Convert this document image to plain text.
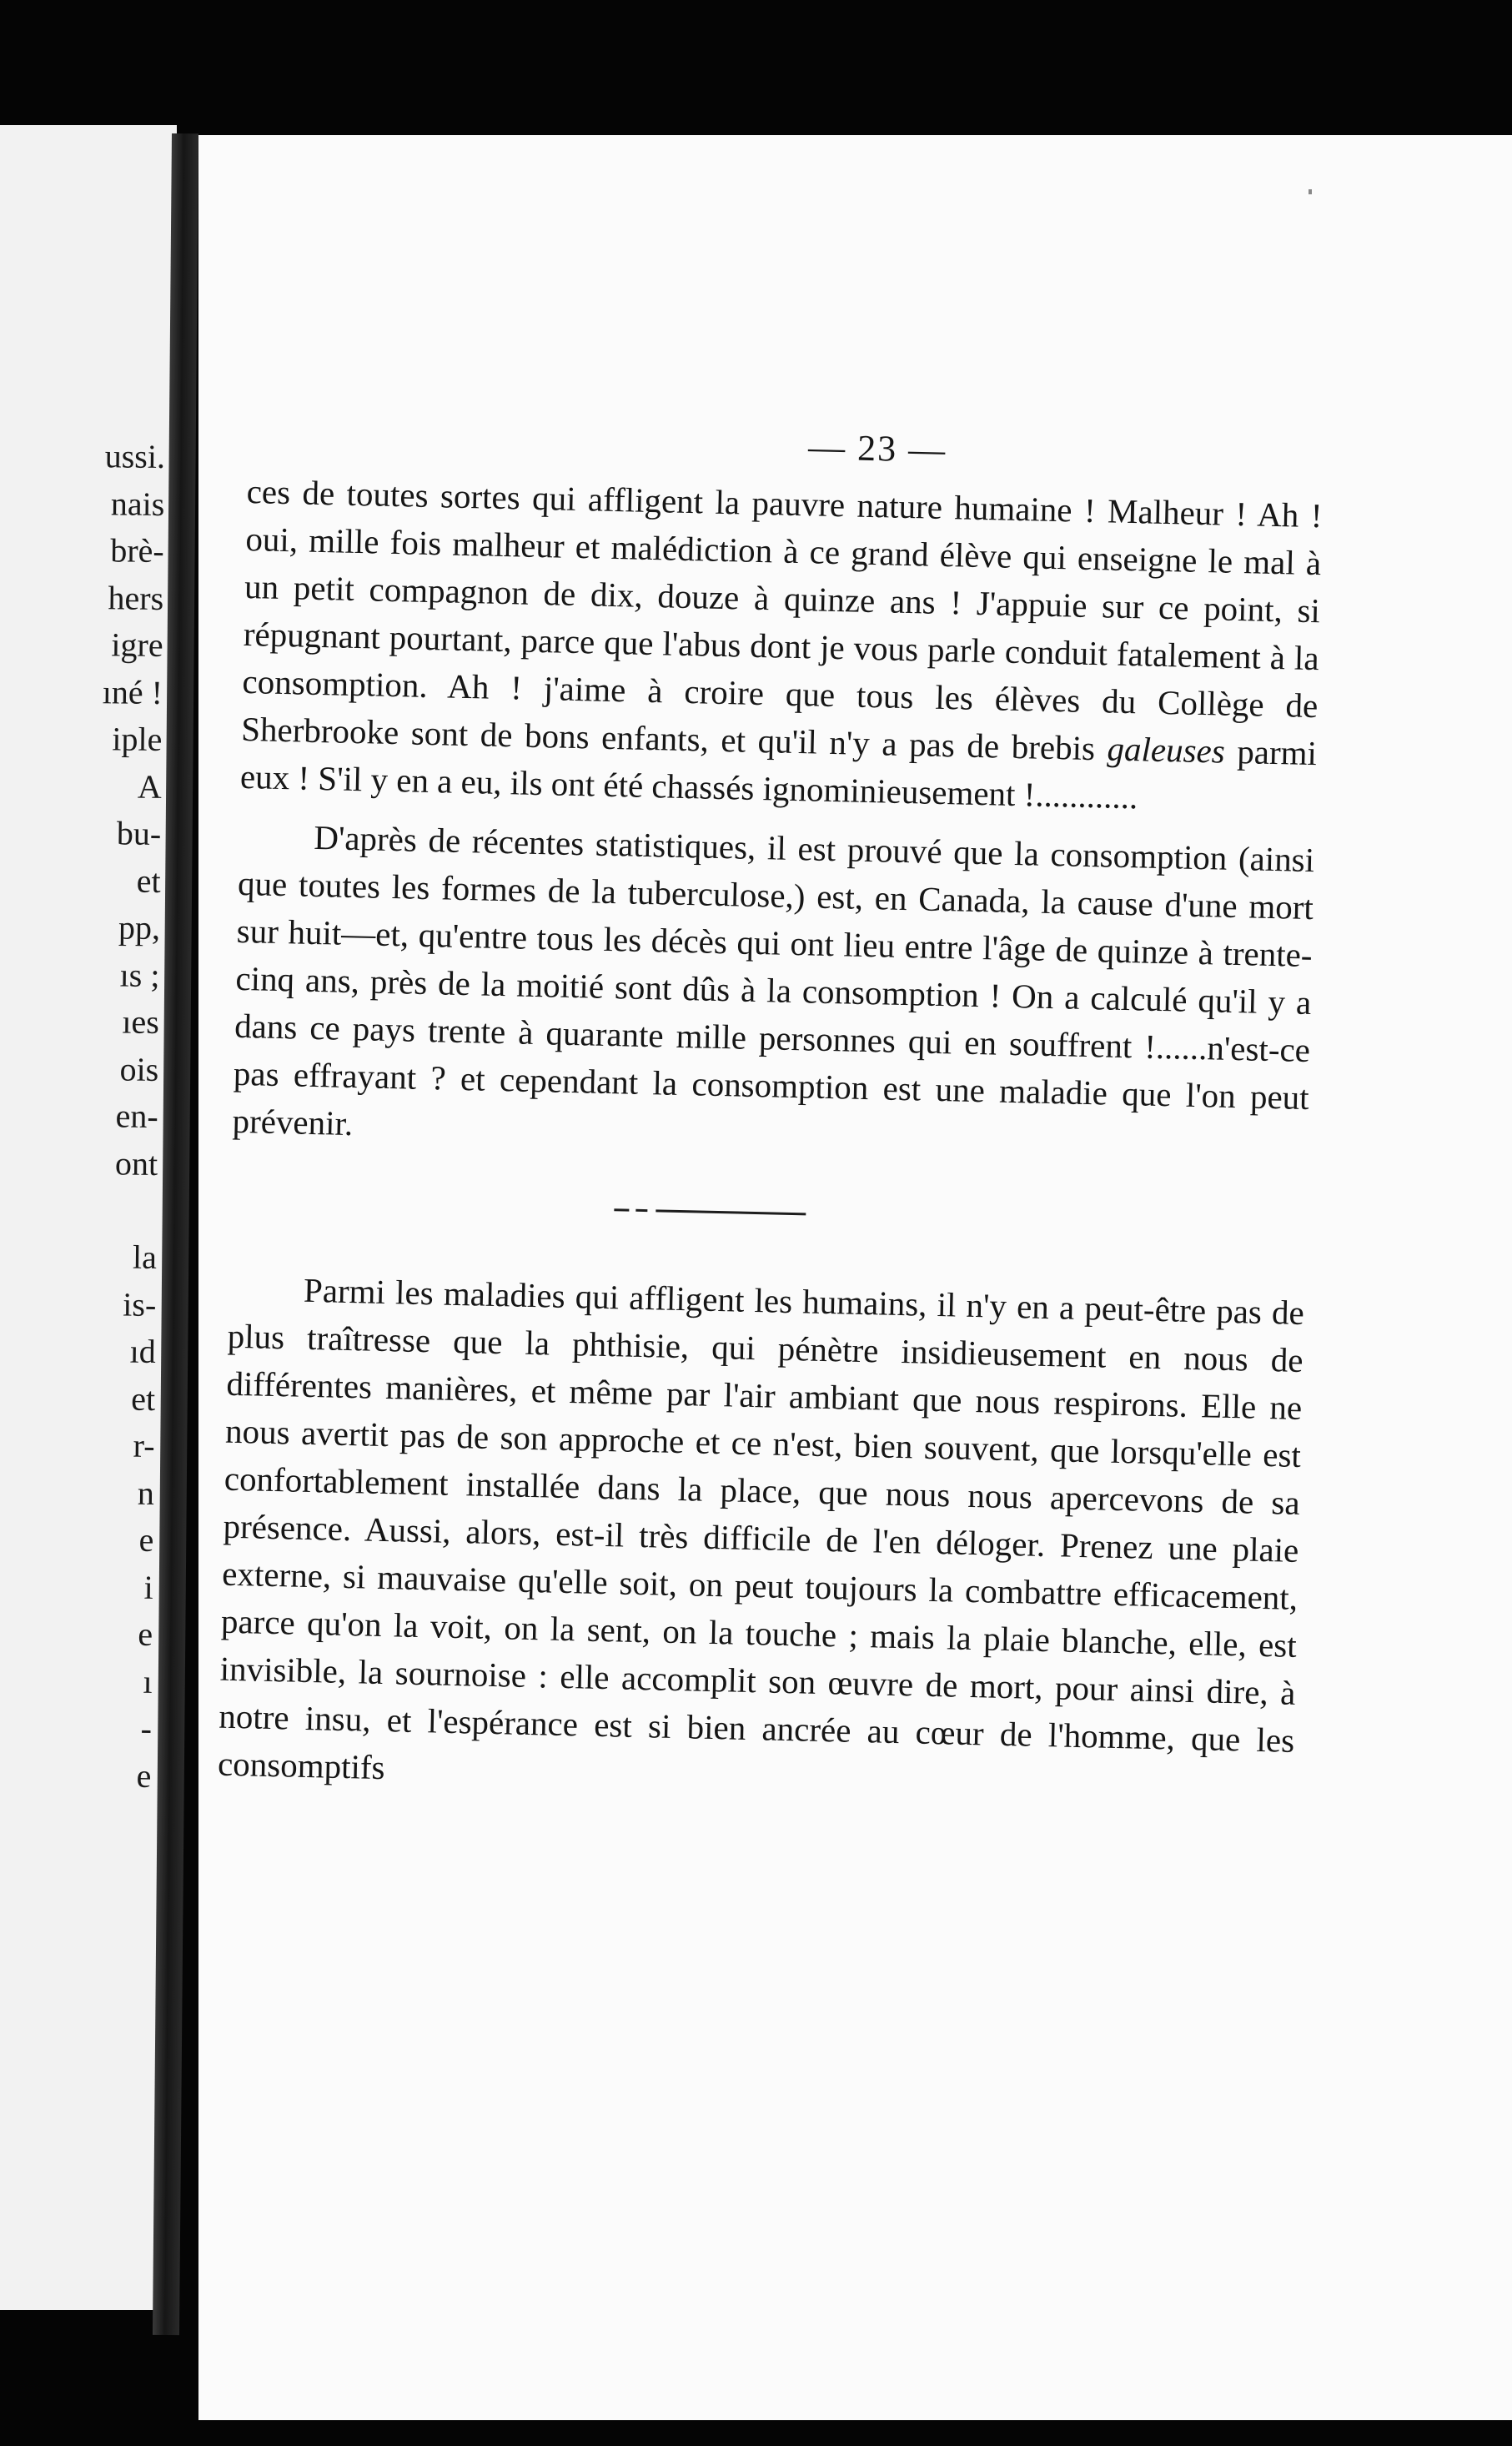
ussi.
nais
brè-
hers
igre
ıné !
iple
A
bu-
et
pp,
ıs ;
ıes
ois
en-
ont
la
is-
ıd
et
r-
n
e
i
e
ı
-
e
— 23 —

ces de toutes sortes qui affligent la pauvre nature humaine ! Malheur ! Ah ! oui, mille fois malheur et malédiction à ce grand élève qui enseigne le mal à un petit compagnon de dix, douze à quinze ans ! J'appuie sur ce point, si répugnant pourtant, parce que l'abus dont je vous parle conduit fatalement à la consomption. Ah ! j'aime à croire que tous les élèves du Collège de Sherbrooke sont de bons enfants, et qu'il n'y a pas de brebis galeuses parmi eux ! S'il y en a eu, ils ont été chassés ignominieusement !............

D'après de récentes statistiques, il est prouvé que la consomption (ainsi que toutes les formes de la tuberculose,) est, en Canada, la cause d'une mort sur huit—et, qu'entre tous les décès qui ont lieu entre l'âge de quinze à trente-cinq ans, près de la moitié sont dûs à la consomption ! On a calculé qu'il y a dans ce pays trente à quarante mille personnes qui en souffrent !......n'est-ce pas effrayant ? et cependant la consomption est une maladie que l'on peut prévenir.

Parmi les maladies qui affligent les humains, il n'y en a peut-être pas de plus traîtresse que la phthisie, qui pénètre insidieusement en nous de différentes manières, et même par l'air ambiant que nous respirons. Elle ne nous avertit pas de son approche et ce n'est, bien souvent, que lorsqu'elle est confortablement installée dans la place, que nous nous apercevons de sa présence. Aussi, alors, est-il très difficile de l'en déloger. Prenez une plaie externe, si mauvaise qu'elle soit, on peut toujours la combattre efficacement, parce qu'on la voit, on la sent, on la touche ; mais la plaie blanche, elle, est invisible, la sournoise : elle accomplit son œuvre de mort, pour ainsi dire, à notre insu, et l'espérance est si bien ancrée au cœur de l'homme, que les consomptifs
